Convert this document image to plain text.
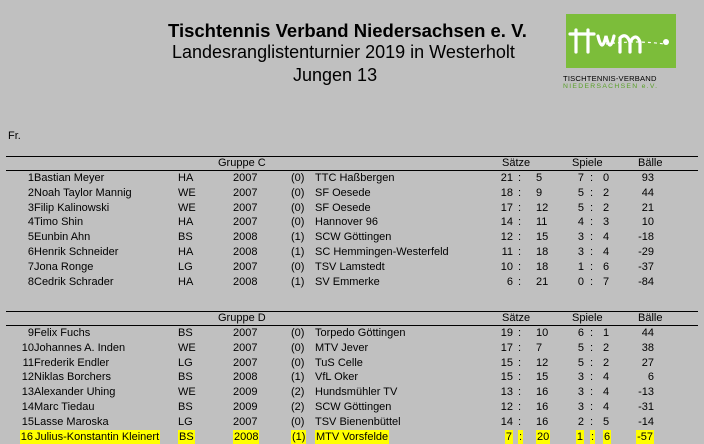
Tischtennis Verband Niedersachsen e. V.
Landesranglistenturnier 2019 in Westerholt
Jungen 13	TISCHTENNIS-VERBAND
NIEDERSACHSEN e.V.
Fr.
Gruppe C	Sätze	Spiele	Bälle
1 Bastian Meyer	HA	2007	(0) TTC Haßbergen	21 : 5	7 : 0	93
2 Noah Taylor Mannig	WE	2007	(0) SF Oesede	18 : 9	5 : 2	44
3 Filip Kalinowski	WE	2007	(0) SF Oesede	17 : 12	5 : 2	21
4 Timo Shin	HA	2007	(0) Hannover 96	14 : 11	4 : 3	10
5 Eunbin Ahn	BS	2008	(1) SCW Göttingen	12 : 15	3 : 4	-18
6 Henrik Schneider	HA	2008	(1) SC Hemmingen-Westerfeld	11 : 18	3 : 4	-29
7 Jona Ronge	LG	2007	(0) TSV Lamstedt	10 : 18	1 : 6	-37
8 Cedrik Schrader	HA	2008	(1) SV Emmerke	6 : 21	0 : 7	-84
Gruppe D	Sätze	Spiele	Bälle
9 Felix Fuchs	BS	2007	(0) Torpedo Göttingen	19 : 10	6 : 1	44
10 Johannes A. Inden	WE	2007	(0) MTV Jever	17 : 7	5 : 2	38
11 Frederik Endler	LG	2007	(0) TuS Celle	15 : 12	5 : 2	27
12 Niklas Borchers	BS	2008	(1) VfL Oker	15 : 15	3 : 4	6
13 Alexander Uhing	WE	2009	(2) Hundsmühler TV	13 : 16	3 : 4	-13
14 Marc Tiedau	BS	2009	(2) SCW Göttingen	12 : 16	3 : 4	-31
15 Lasse Maroska	LG	2007	(0) TSV Bienenbüttel	14 : 16	2 : 5	-14
16 Julius-Konstantin Kleinert BS	2008	(1) MTV Vorsfelde	7 : 20	1 : 6 -57
